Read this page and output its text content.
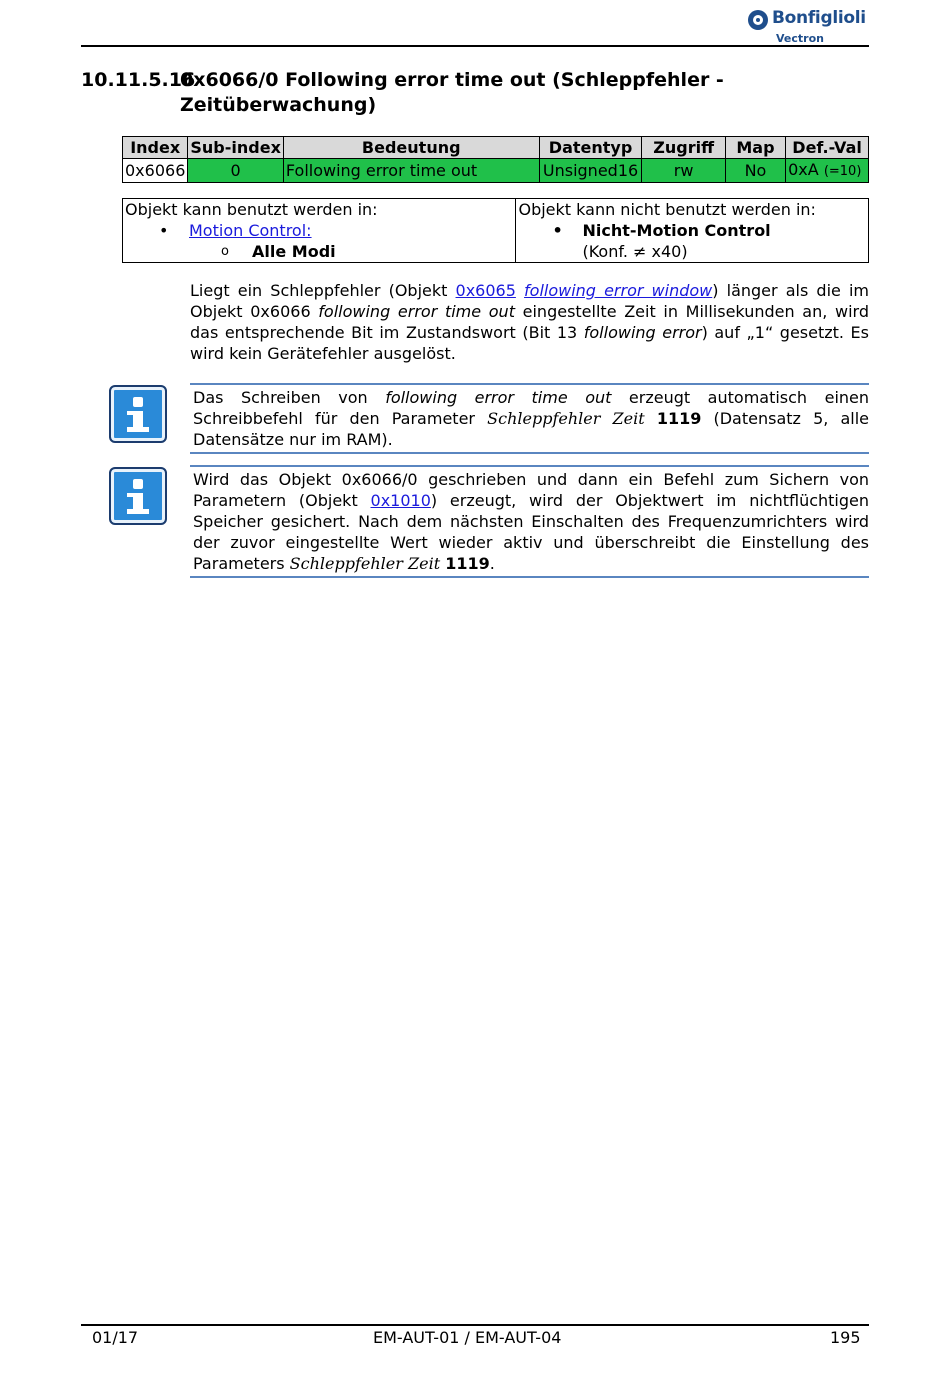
Bonfiglioli
Vectron
10.11.5.160x6066/0 Following error time out (Schleppfehler -
Zeitüberwachung)
Index	Sub-index	Bedeutung	Datentyp	Zugriff	Map	Def.-Val
0x6066	0	Following error time out	Unsigned16	rw	No	0xA (=10)
Objekt kann benutzt werden in:
• Motion Control:
o Alle Modi

Objekt kann nicht benutzt werden in:
• Nicht-Motion Control
(Konf. ≠ x40)
Liegt ein Schleppfehler (Objekt 0x6065 following error window) länger als die im Objekt 0x6066 following error time out eingestellte Zeit in Millisekunden an, wird das entsprechende Bit im Zustandswort (Bit 13 following error) auf „1“ gesetzt. Es wird kein Gerätefehler ausgelöst.
Das Schreiben von following error time out erzeugt automatisch einen Schreibbefehl für den Parameter Schleppfehler Zeit 1119 (Datensatz 5, alle Datensätze nur im RAM).
Wird das Objekt 0x6066/0 geschrieben und dann ein Befehl zum Sichern von Parametern (Objekt 0x1010) erzeugt, wird der Objektwert im nichtflüchtigen Speicher gesichert. Nach dem nächsten Einschalten des Frequenzumrichters wird der zuvor eingestellte Wert wieder aktiv und überschreibt die Einstellung des Parameters Schleppfehler Zeit 1119.
01/17	EM-AUT-01 / EM-AUT-04	195
